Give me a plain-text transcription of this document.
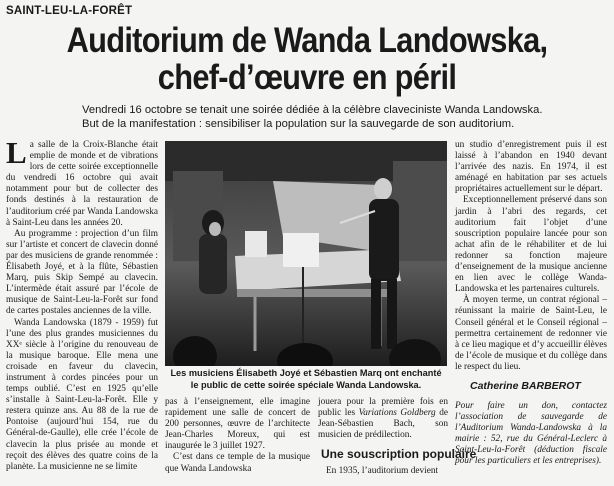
SAINT-LEU-LA-FORÊT
Auditorium de Wanda Landowska,
chef-d’œuvre en péril
Vendredi 16 octobre se tenait une soirée dédiée à la célèbre claveciniste Wanda Landowska.
But de la manifestation : sensibiliser la population sur la sauvegarde de son auditorium.

La salle de la Croix-Blanche était emplie de monde et de vibrations lors de cette soirée exceptionnelle du vendredi 16 octobre qui avait notamment pour but de collecter des fonds destinés à la restauration de l’auditorium créé par Wanda Landowska à Saint-Leu dans les années 20.

Au programme : projection d’un film sur l’artiste et concert de clavecin donné par des musiciens de grande renommée : Élisabeth Joyé, et à la flûte, Sébastien Marq, puis Skip Sempé au clavecin. L’intermède était assuré par l’école de musique de Saint-Leu-la-Forêt sur fond de cartes postales anciennes de la ville.

Wanda Landowska (1879 - 1959) fut l’une des plus grandes musiciennes du XXᵉ siècle à l’origine du renouveau de la musique baroque. Elle mena une croisade en faveur du clavecin, instrument à cordes pincées pour un temps oublié. C’est en 1925 qu’elle s’installe à Saint-Leu-la-Forêt. Elle y restera quinze ans. Au 88 de la rue de Pontoise (aujourd’hui 154, rue du Général-de-Gaulle), elle crée l’école de clavecin la plus prisée au monde et reçoit des élèves des quatre coins de la planète. La musicienne ne se limite

Les musiciens Élisabeth Joyé et Sébastien Marq ont enchanté
le public de cette soirée spéciale Wanda Landowska.

pas à l’enseignement, elle imagine rapidement une salle de concert de 200 personnes, œuvre de l’architecte Jean-Charles Moreux, qui est inaugurée le 3 juillet 1927.

C’est dans ce temple de la musique que Wanda Landowska

jouera pour la première fois en public les Variations Goldberg de Jean-Sébastien Bach, son musicien de prédilection.

Une souscription populaire

En 1935, l’auditorium devient

un studio d’enregistrement puis il est laissé à l’abandon en 1940 devant l’arrivée des nazis. En 1974, il est aménagé en habitation par ses actuels propriétaires actuellement sur le départ.

Exceptionnellement préservé dans son jardin à l’abri des regards, cet auditorium fait l’objet d’une souscription populaire lancée pour son achat afin de le réhabiliter et de lui redonner sa fonction majeure d’enseignement de la musique ancienne en lien avec le collège Wanda-Landowska et les partenaires culturels.

À moyen terme, un contrat régional – réunissant la mairie de Saint-Leu, le Conseil général et le Conseil régional – permettra certainement de redonner vie à ce lieu magique et d’y accueillir élèves de l’école de musique et du collège dans le respect du lieu.

Catherine BARBEROT
Pour faire un don, contactez l’association de sauvegarde de l’Auditorium Wanda-Landowska à la mairie : 52, rue du Général-Leclerc à Saint-Leu-la-Forêt (déduction fiscale pour les particuliers et les entreprises).
